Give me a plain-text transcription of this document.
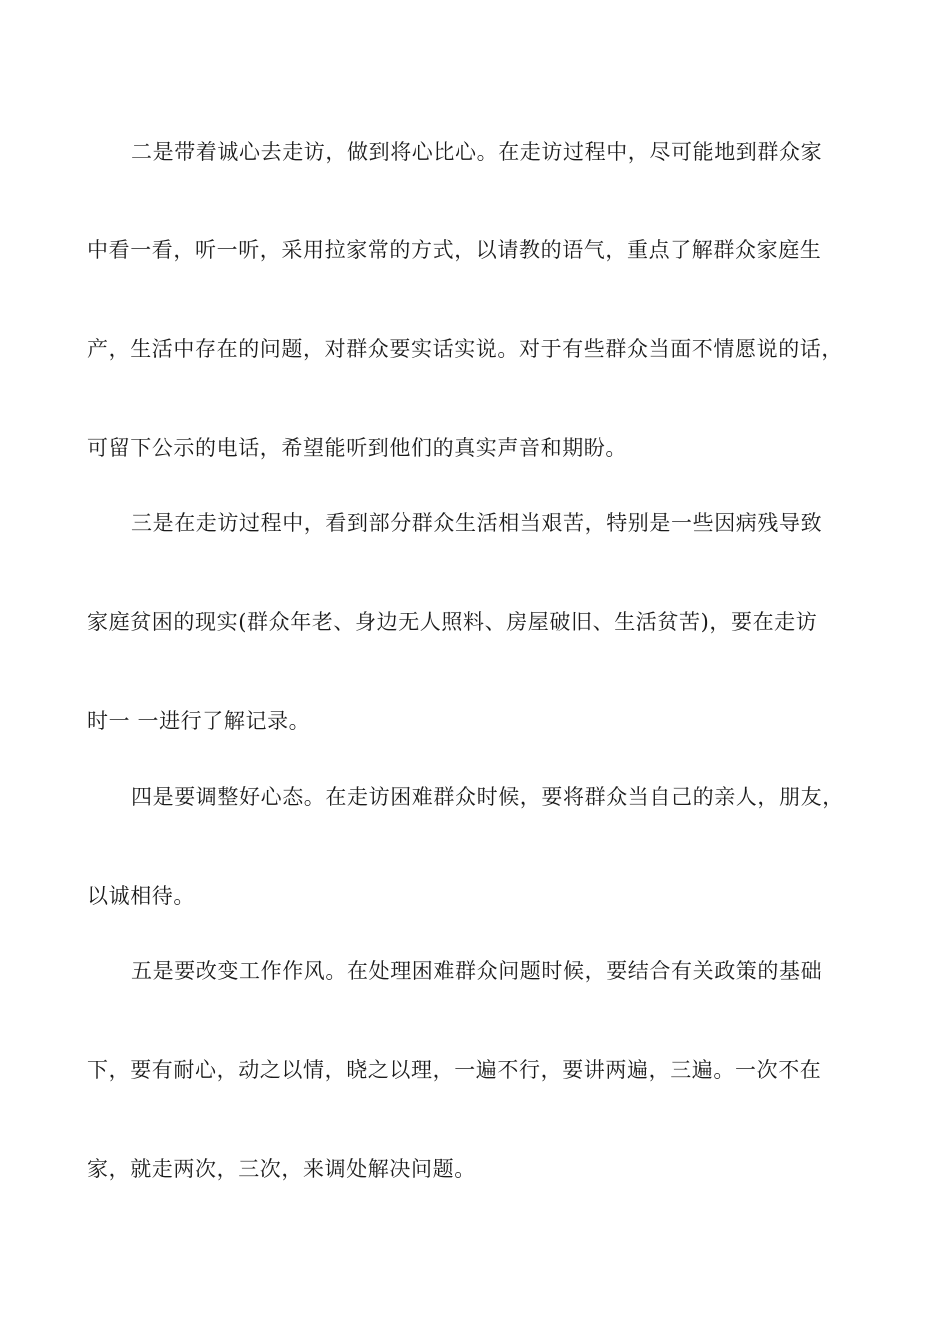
二是带着诚心去走访，做到将心比心。在走访过程中，尽可能地到群众家
中看一看，听一听，采用拉家常的方式，以请教的语气，重点了解群众家庭生
产，生活中存在的问题，对群众要实话实说。对于有些群众当面不情愿说的话，
可留下公示的电话，希望能听到他们的真实声音和期盼。
三是在走访过程中，看到部分群众生活相当艰苦，特别是一些因病残导致
家庭贫困的现实(群众年老、身边无人照料、房屋破旧、生活贫苦)，要在走访
时一 一进行了解记录。
四是要调整好心态。在走访困难群众时候，要将群众当自己的亲人，朋友，
以诚相待。
五是要改变工作作风。在处理困难群众问题时候，要结合有关政策的基础
下，要有耐心，动之以情，晓之以理，一遍不行，要讲两遍，三遍。一次不在
家，就走两次，三次，来调处解决问题。
